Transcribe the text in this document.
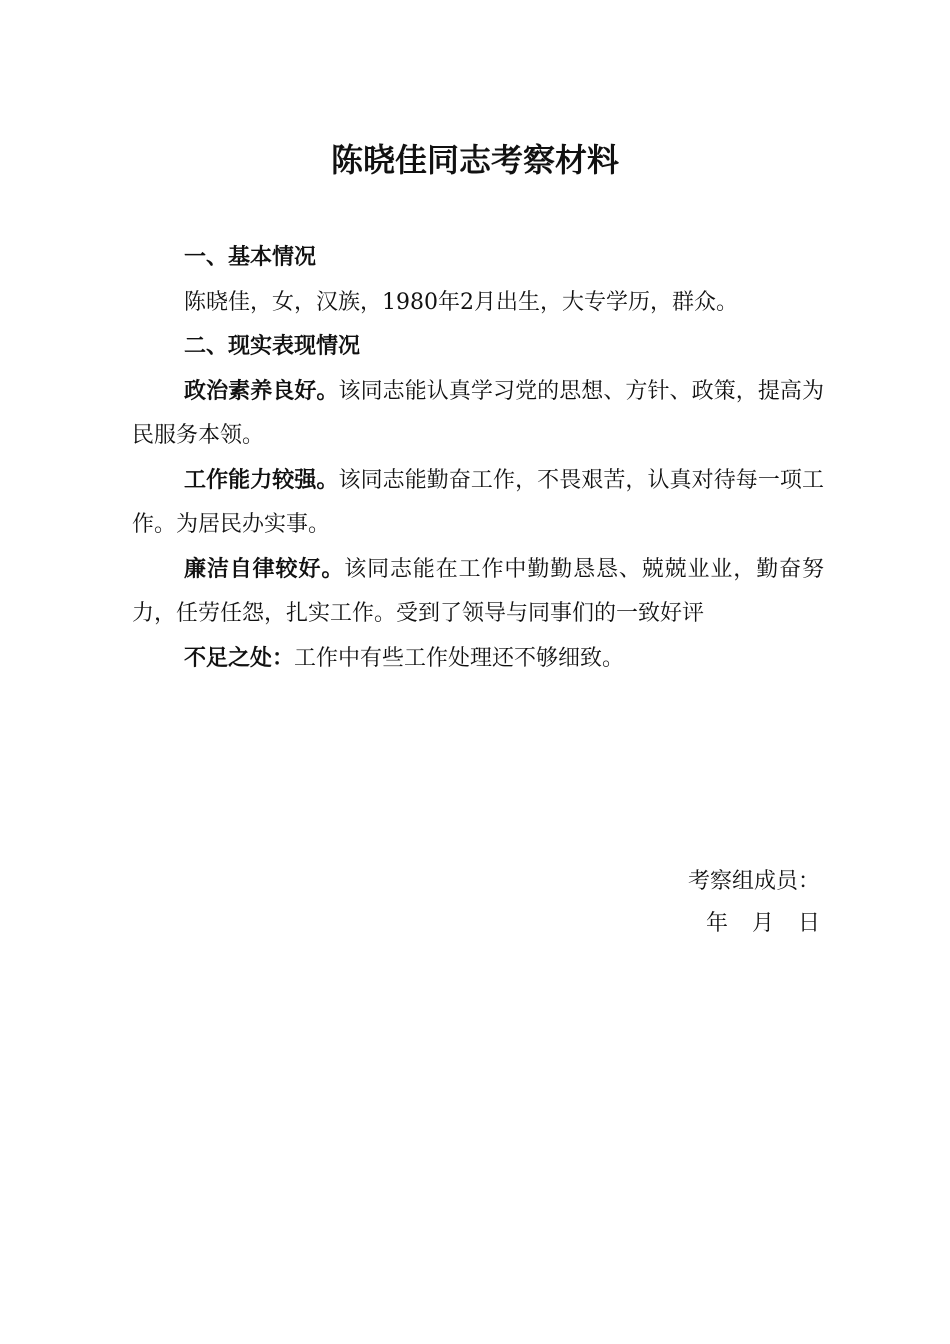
陈晓佳同志考察材料

一、基本情况

陈晓佳，女，汉族，1980年2月出生，大专学历，群众。

二、现实表现情况

政治素养良好。该同志能认真学习党的思想、方针、政策，提高为民服务本领。

工作能力较强。该同志能勤奋工作，不畏艰苦，认真对待每一项工作。为居民办实事。

廉洁自律较好。该同志能在工作中勤勤恳恳、兢兢业业，勤奋努力，任劳任怨，扎实工作。受到了领导与同事们的一致好评

不足之处：工作中有些工作处理还不够细致。

考察组成员：
年 月 日
